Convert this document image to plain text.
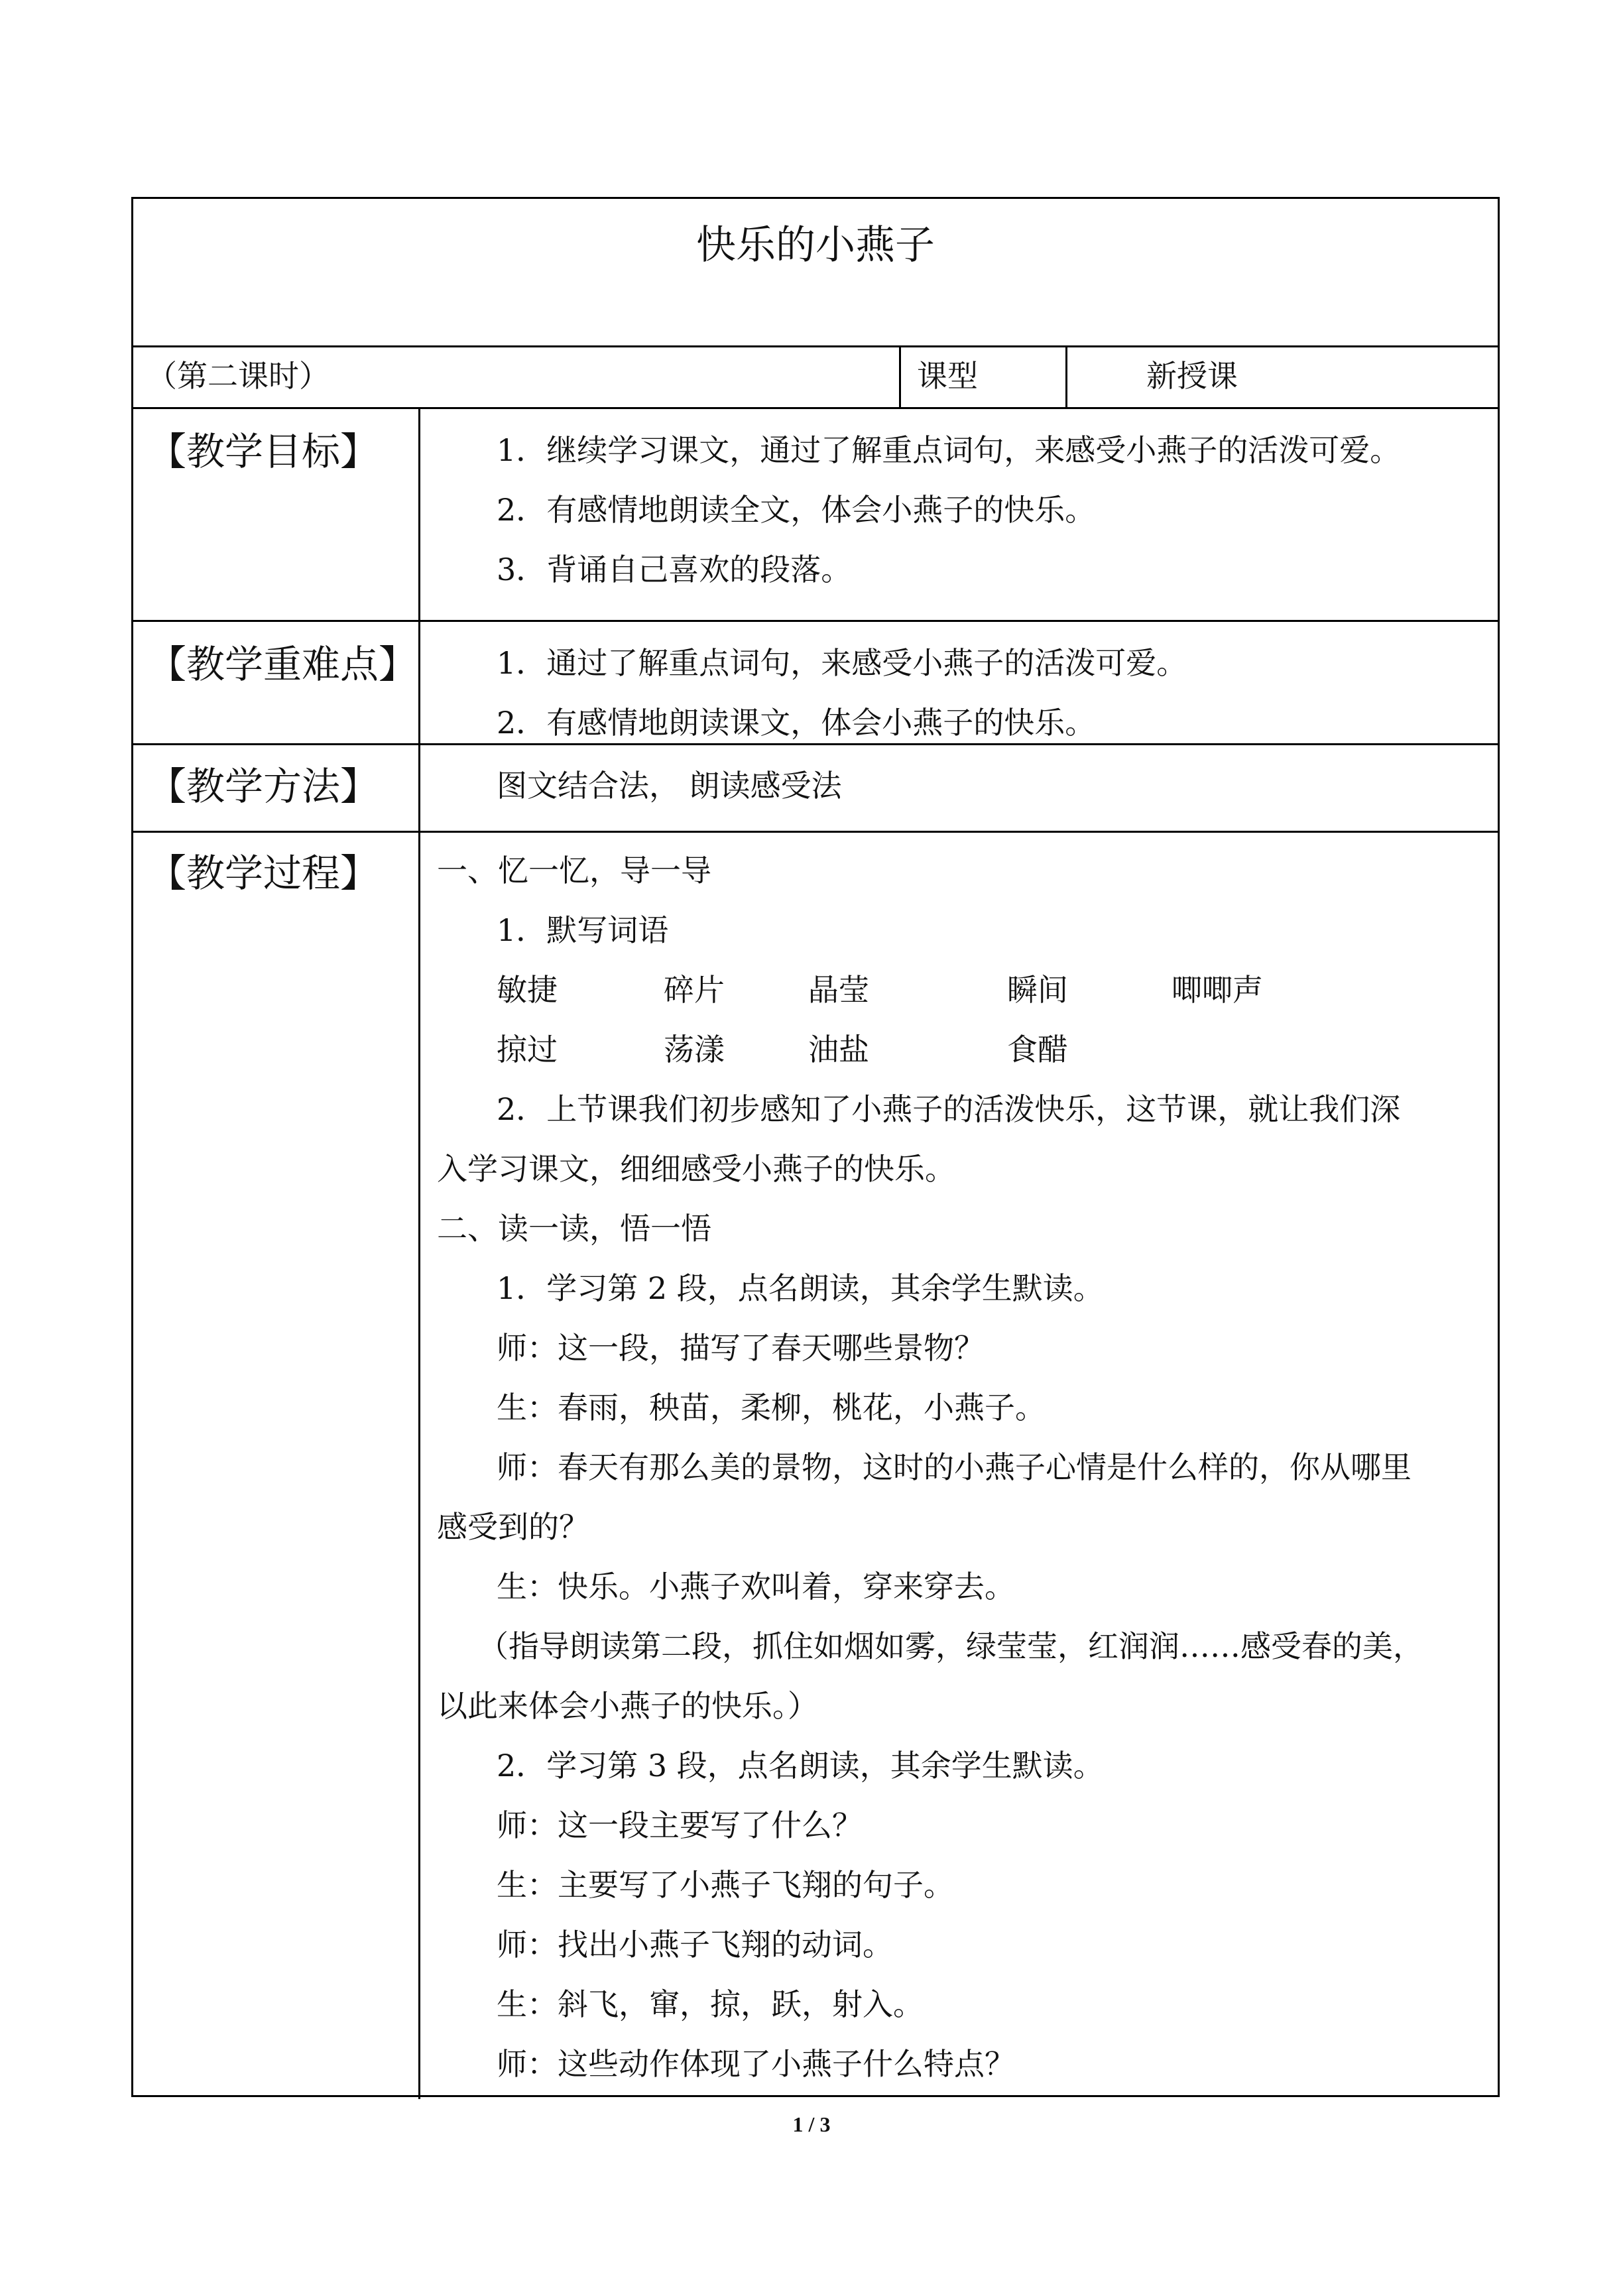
快乐的小燕子
（第二课时）	课型	新授课
【教学目标】	1．继续学习课文，通过了解重点词句，来感受小燕子的活泼可爱。
2．有感情地朗读全文，体会小燕子的快乐。
3．背诵自己喜欢的段落。
【教学重难点】	1．通过了解重点词句，来感受小燕子的活泼可爱。
2．有感情地朗读课文，体会小燕子的快乐。
【教学方法】	图文结合法， 朗读感受法
【教学过程】 一、忆一忆，导一导
1．默写词语
敏捷	碎片	晶莹	瞬间	唧唧声
掠过	荡漾	油盐	食醋
2．上节课我们初步感知了小燕子的活泼快乐，这节课，就让我们深
入学习课文，细细感受小燕子的快乐。
二、读一读，悟一悟
1．学习第 2 段，点名朗读，其余学生默读。
师：这一段，描写了春天哪些景物？
生：春雨，秧苗，柔柳，桃花，小燕子。
师：春天有那么美的景物，这时的小燕子心情是什么样的，你从哪里
感受到的？
生：快乐。小燕子欢叫着，穿来穿去。
（指导朗读第二段，抓住如烟如雾，绿莹莹，红润润……感受春的美，
以此来体会小燕子的快乐。）
2．学习第 3 段，点名朗读，其余学生默读。
师：这一段主要写了什么？
生：主要写了小燕子飞翔的句子。
师：找出小燕子飞翔的动词。
生：斜飞，窜，掠，跃，射入。
师：这些动作体现了小燕子什么特点？
1 / 3
